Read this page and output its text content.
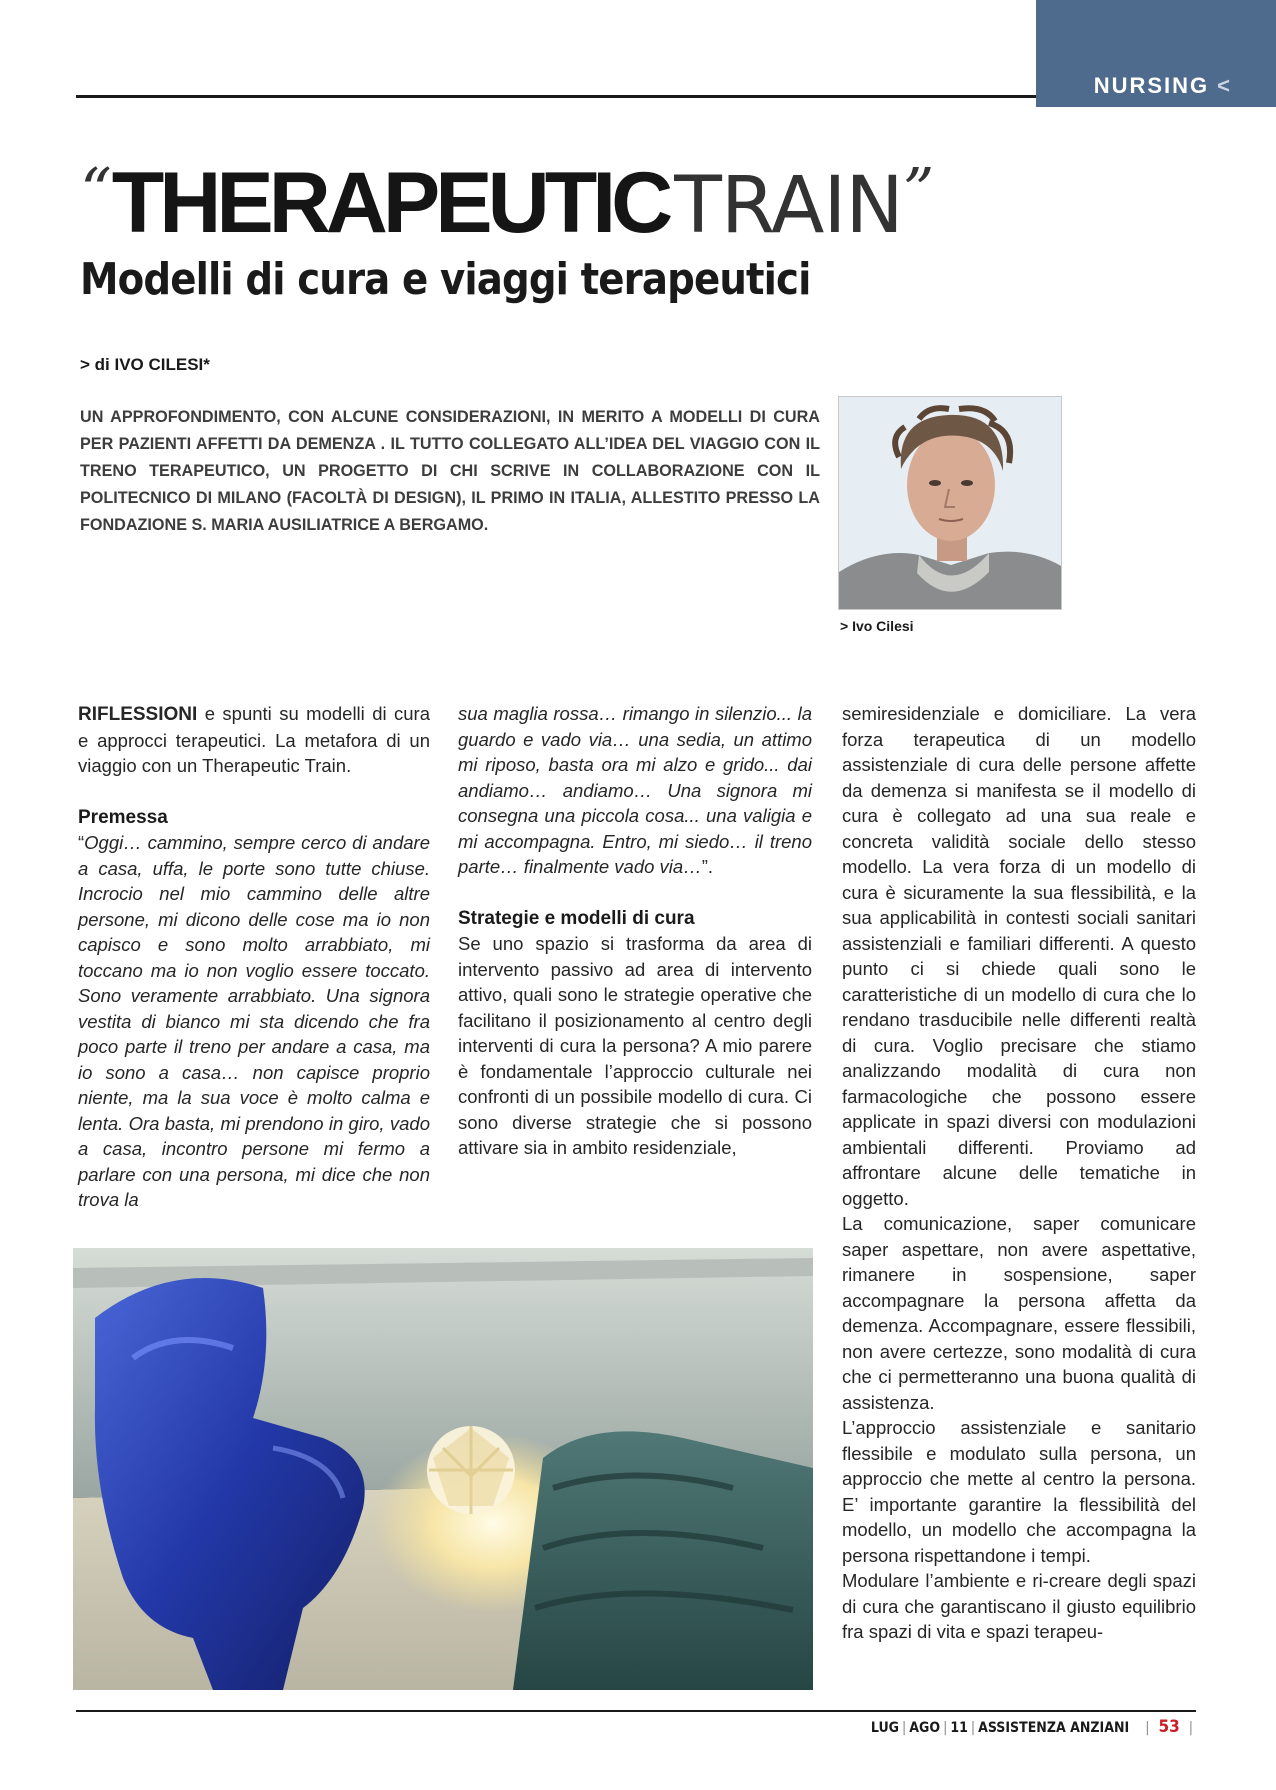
NURSING <
“THERAPEUTICTRAIN”
Modelli di cura e viaggi terapeutici
> di IVO CILESI*
UN APPROFONDIMENTO, CON ALCUNE CONSIDERAZIONI, IN MERITO A MODELLI DI CURA PER PAZIENTI AFFETTI DA DEMENZA . IL TUTTO COLLEGATO ALL’IDEA DEL VIAGGIO CON IL TRENO TERAPEUTICO, UN PROGETTO DI CHI SCRIVE IN COLLABORAZIONE CON IL POLITECNICO DI MILANO (FACOLTÀ DI DESIGN), IL PRIMO IN ITALIA, ALLESTITO PRESSO LA FONDAZIONE S. MARIA AUSILIATRICE A BERGAMO.
> Ivo Cilesi

RIFLESSIONI e spunti su modelli di cura e approcci terapeutici. La metafora di un viaggio con un Therapeutic Train.

Premessa

“Oggi… cammino, sempre cerco di andare a casa, uffa, le porte sono tutte chiuse. Incrocio nel mio cammino delle altre persone, mi dicono delle cose ma io non capisco e sono molto arrabbiato, mi toccano ma io non voglio essere toccato. Sono veramente arrabbiato. Una signora vestita di bianco mi sta dicendo che fra poco parte il treno per andare a casa, ma io sono a casa… non capisce proprio niente, ma la sua voce è molto calma e lenta. Ora basta, mi prendono in giro, vado a casa, incontro persone mi fermo a parlare con una persona, mi dice che non trova la

sua maglia rossa… rimango in silenzio... la guardo e vado via… una sedia, un attimo mi riposo, basta ora mi alzo e grido... dai andiamo… andiamo… Una signora mi consegna una piccola cosa... una valigia e mi accompagna. Entro, mi siedo… il treno parte… finalmente vado via…”.

Strategie e modelli di cura

Se uno spazio si trasforma da area di intervento passivo ad area di intervento attivo, quali sono le strategie operative che facilitano il posizionamento al centro degli interventi di cura la persona? A mio parere è fondamentale l’approccio culturale nei confronti di un possibile modello di cura. Ci sono diverse strategie che si possono attivare sia in ambito residenziale,

semiresidenziale e domiciliare. La vera forza terapeutica di un modello assistenziale di cura delle persone affette da demenza si manifesta se il modello di cura è collegato ad una sua reale e concreta validità sociale dello stesso modello. La vera forza di un modello di cura è sicuramente la sua flessibilità, e la sua applicabilità in contesti sociali sanitari assistenziali e familiari differenti. A questo punto ci si chiede quali sono le caratteristiche di un modello di cura che lo rendano trasducibile nelle differenti realtà di cura. Voglio precisare che stiamo analizzando modalità di cura non farmacologiche che possono essere applicate in spazi diversi con modulazioni ambientali differenti. Proviamo ad affrontare alcune delle tematiche in oggetto.

La comunicazione, saper comunicare saper aspettare, non avere aspettative, rimanere in sospensione, saper accompagnare la persona affetta da demenza. Accompagnare, essere flessibili, non avere certezze, sono modalità di cura che ci permetteranno una buona qualità di assistenza.

L’approccio assistenziale e sanitario flessibile e modulato sulla persona, un approccio che mette al centro la persona. E’ importante garantire la flessibilità del modello, un modello che accompagna la persona rispettandone i tempi.

Modulare l’ambiente e ri-creare degli spazi di cura che garantiscano il giusto equilibrio fra spazi di vita e spazi terapeu-

LUG | AGO | 11 | ASSISTENZA ANZIANI | 53 |
